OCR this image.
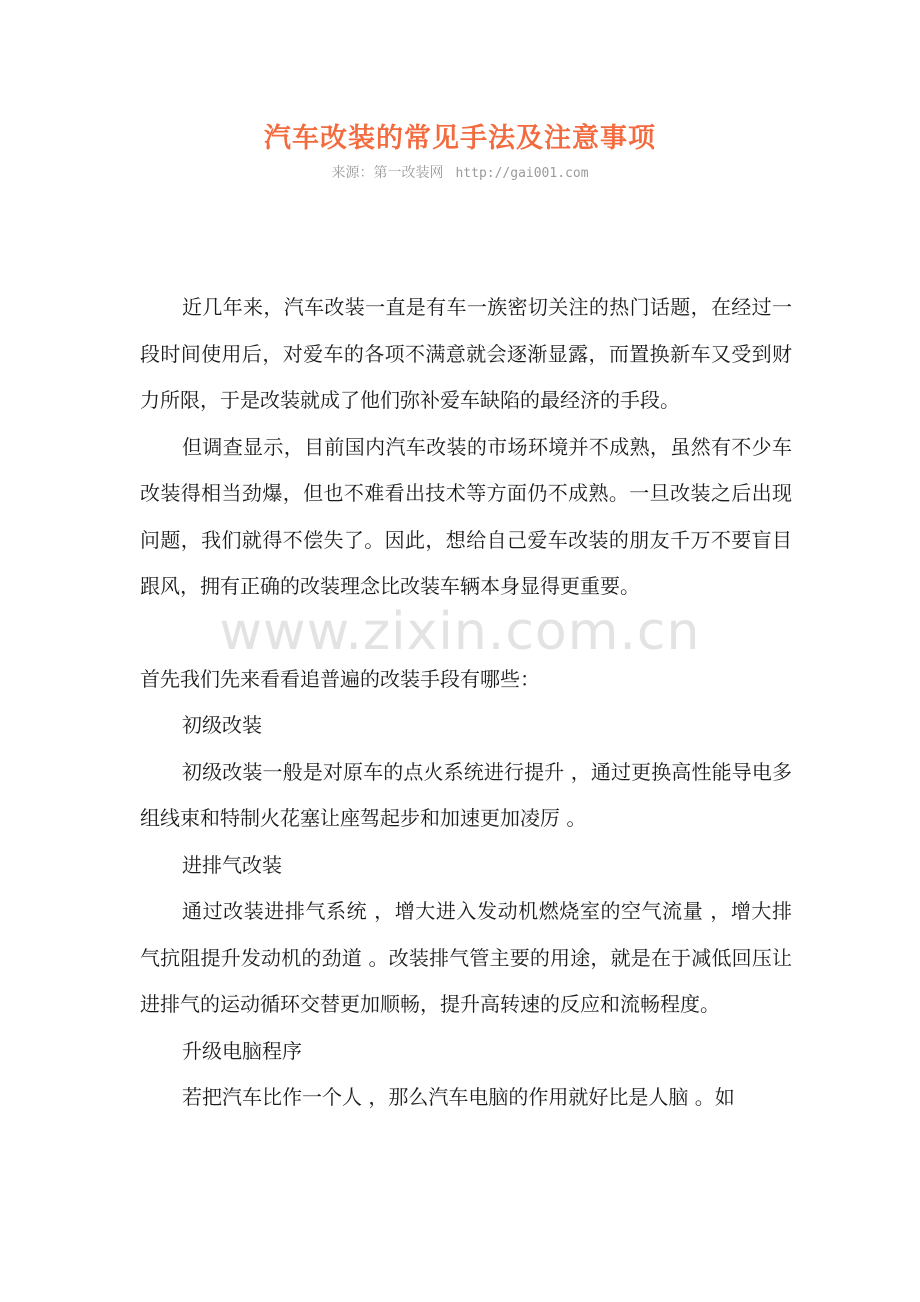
汽车改装的常见手法及注意事项
来源：第一改装网 http://gai001.com

近几年来，汽车改装一直是有车一族密切关注的热门话题，在经过一段时间使用后，对爱车的各项不满意就会逐渐显露，而置换新车又受到财力所限，于是改装就成了他们弥补爱车缺陷的最经济的手段。

但调查显示，目前国内汽车改装的市场环境并不成熟，虽然有不少车改装得相当劲爆，但也不难看出技术等方面仍不成熟。一旦改装之后出现问题，我们就得不偿失了。因此，想给自己爱车改装的朋友千万不要盲目跟风，拥有正确的改装理念比改装车辆本身显得更重要。

首先我们先来看看追普遍的改装手段有哪些：

初级改装

初级改装一般是对原车的点火系统进行提升 ，通过更换高性能导电多组线束和特制火花塞让座驾起步和加速更加凌厉 。

进排气改装

通过改装进排气系统 ，增大进入发动机燃烧室的空气流量 ，增大排气抗阻提升发动机的劲道 。改装排气管主要的用途，就是在于减低回压让进排气的运动循环交替更加顺畅，提升高转速的反应和流畅程度。

升级电脑程序

若把汽车比作一个人 ，那么汽车电脑的作用就好比是人脑 。如

www.zixin.com.cn
